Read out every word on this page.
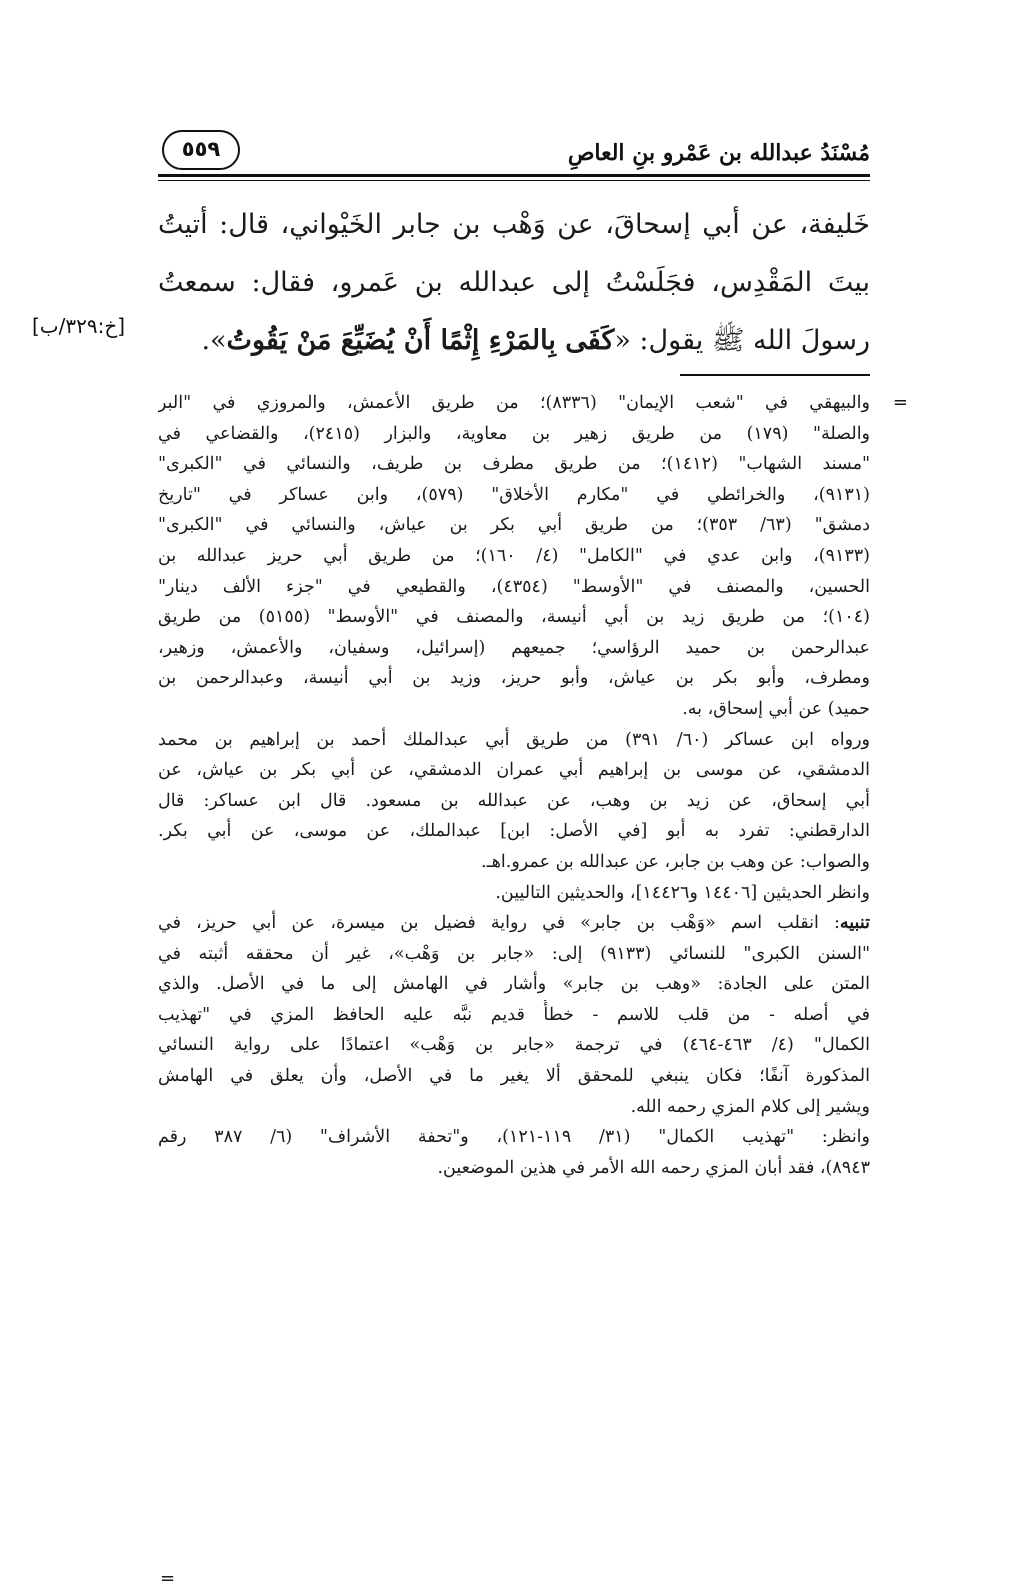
مُسْنَدُ عبدالله بن عَمْرو بنِ العاصِ
٥٥٩
خَليفة، عن أبي إسحاقَ، عن وَهْب بن جابر الخَيْواني، قال: أتيتُ
بيتَ المَقْدِس، فجَلَسْتُ إلى عبدالله بن عَمرو، فقال: سمعتُ
رسولَ الله ﷺ يقول: «كَفَى بِالمَرْءِ إِثْمًا أَنْ يُضَيِّعَ مَنْ يَقُوتُ».
[خ:٣٢٩/ب]
=
والبيهقي في "شعب الإيمان" (٨٣٣٦)؛ من طريق الأعمش، والمروزي في "البر
والصلة" (١٧٩) من طريق زهير بن معاوية، والبزار (٢٤١٥)، والقضاعي في
"مسند الشهاب" (١٤١٢)؛ من طريق مطرف بن طريف، والنسائي في "الكبرى"
(٩١٣١)، والخرائطي في "مكارم الأخلاق" (٥٧٩)، وابن عساكر في "تاريخ
دمشق" (٦٣/ ٣٥٣)؛ من طريق أبي بكر بن عياش، والنسائي في "الكبرى"
(٩١٣٣)، وابن عدي في "الكامل" (٤/ ١٦٠)؛ من طريق أبي حريز عبدالله بن
الحسين، والمصنف في "الأوسط" (٤٣٥٤)، والقطيعي في "جزء الألف دينار"
(١٠٤)؛ من طريق زيد بن أبي أنيسة، والمصنف في "الأوسط" (٥١٥٥) من طريق
عبدالرحمن بن حميد الرؤاسي؛ جميعهم (إسرائيل، وسفيان، والأعمش، وزهير،
ومطرف، وأبو بكر بن عياش، وأبو حريز، وزيد بن أبي أنيسة، وعبدالرحمن بن
حميد) عن أبي إسحاق، به.
ورواه ابن عساكر (٦٠/ ٣٩١) من طريق أبي عبدالملك أحمد بن إبراهيم بن محمد
الدمشقي، عن موسى بن إبراهيم أبي عمران الدمشقي، عن أبي بكر بن عياش، عن
أبي إسحاق، عن زيد بن وهب، عن عبدالله بن مسعود. قال ابن عساكر: قال
الدارقطني: تفرد به أبو [في الأصل: ابن] عبدالملك، عن موسى، عن أبي بكر.
والصواب: عن وهب بن جابر، عن عبدالله بن عمرو.اهـ.
وانظر الحديثين [١٤٤٠٦ و١٤٤٢٦]، والحديثين التاليين.
تنبيه: انقلب اسم «وَهْب بن جابر» في رواية فضيل بن ميسرة، عن أبي حريز، في
"السنن الكبرى" للنسائي (٩١٣٣) إلى: «جابر بن وَهْب»، غير أن محققه أثبته في
المتن على الجادة: «وهب بن جابر» وأشار في الهامش إلى ما في الأصل. والذي
في أصله - من قلب للاسم - خطأٌ قديم نبَّه عليه الحافظ المزي في "تهذيب
الكمال" (٤/ ٤٦٣-٤٦٤) في ترجمة «جابر بن وَهْب» اعتمادًا على رواية النسائي
المذكورة آنفًا؛ فكان ينبغي للمحقق ألا يغير ما في الأصل، وأن يعلق في الهامش
ويشير إلى كلام المزي رحمه الله.
وانظر: "تهذيب الكمال" (٣١/ ١١٩-١٢١)، و"تحفة الأشراف" (٦/ ٣٨٧ رقم
٨٩٤٣)، فقد أبان المزي رحمه الله الأمر في هذين الموضعين.
=
